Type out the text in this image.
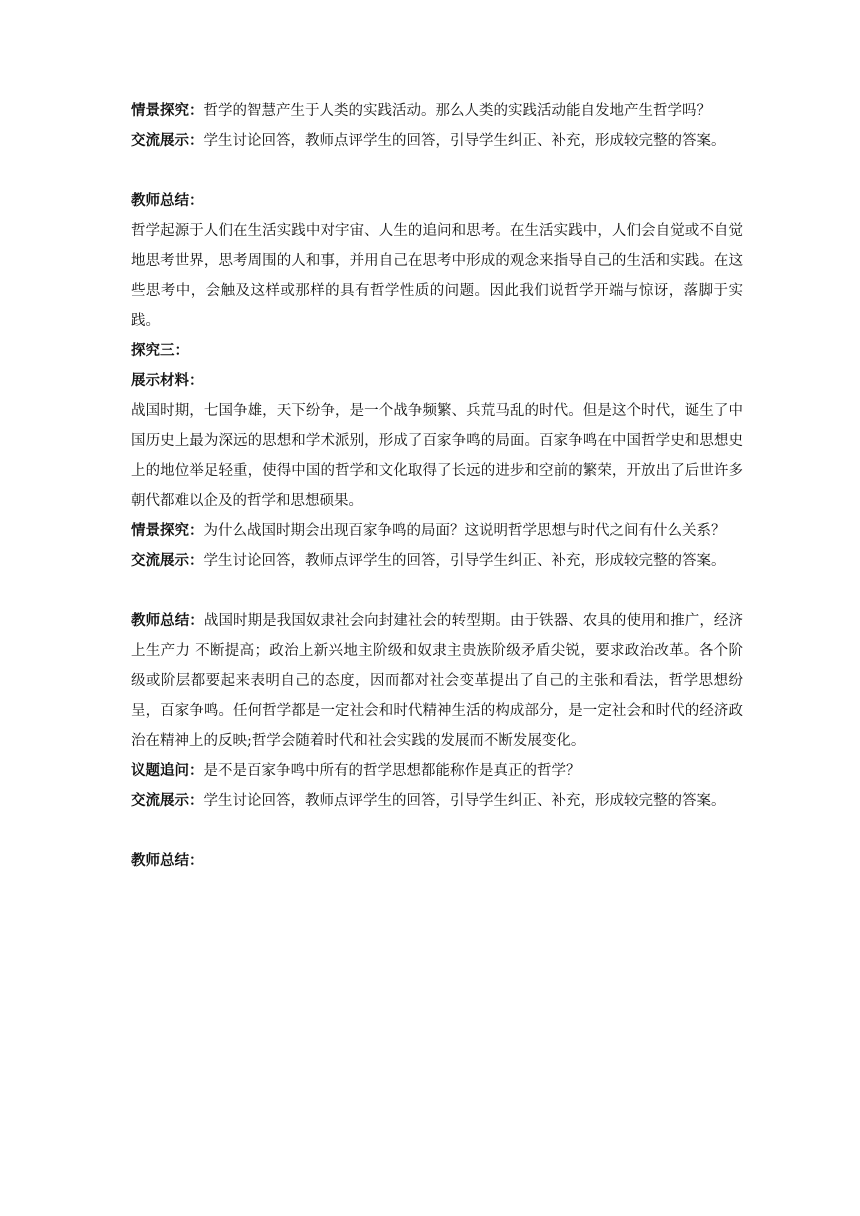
情景探究：哲学的智慧产生于人类的实践活动。那么人类的实践活动能自发地产生哲学吗？

交流展示：学生讨论回答，教师点评学生的回答，引导学生纠正、补充，形成较完整的答案。

教师总结：

哲学起源于人们在生活实践中对宇宙、人生的追问和思考。在生活实践中，人们会自觉或不自觉地思考世界，思考周围的人和事，并用自己在思考中形成的观念来指导自己的生活和实践。在这些思考中，会触及这样或那样的具有哲学性质的问题。因此我们说哲学开端与惊讶，落脚于实践。

探究三：

展示材料：

战国时期，七国争雄，天下纷争，是一个战争频繁、兵荒马乱的时代。但是这个时代，诞生了中国历史上最为深远的思想和学术派别，形成了百家争鸣的局面。百家争鸣在中国哲学史和思想史上的地位举足轻重，使得中国的哲学和文化取得了长远的进步和空前的繁荣，开放出了后世许多朝代都难以企及的哲学和思想硕果。

情景探究：为什么战国时期会出现百家争鸣的局面？这说明哲学思想与时代之间有什么关系？

交流展示：学生讨论回答，教师点评学生的回答，引导学生纠正、补充，形成较完整的答案。

教师总结：战国时期是我国奴隶社会向封建社会的转型期。由于铁器、农具的使用和推广，经济上生产力 不断提高；政治上新兴地主阶级和奴隶主贵族阶级矛盾尖锐，要求政治改革。各个阶级或阶层都要起来表明自己的态度，因而都对社会变革提出了自己的主张和看法，哲学思想纷呈，百家争鸣。任何哲学都是一定社会和时代精神生活的构成部分，是一定社会和时代的经济政治在精神上的反映;哲学会随着时代和社会实践的发展而不断发展变化。

议题追问：是不是百家争鸣中所有的哲学思想都能称作是真正的哲学？

交流展示：学生讨论回答，教师点评学生的回答，引导学生纠正、补充，形成较完整的答案。

教师总结：
